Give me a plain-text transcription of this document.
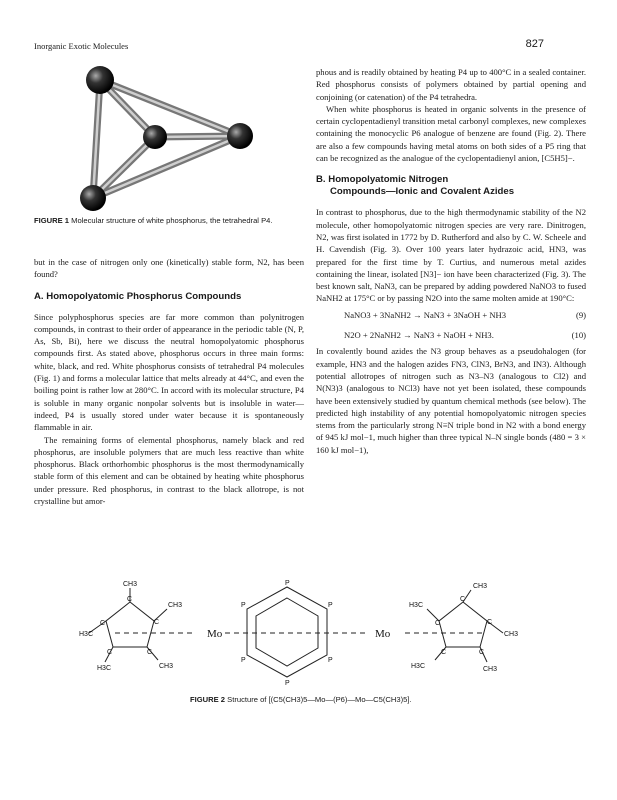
Inorganic Exotic Molecules	827
FIGURE 1 Molecular structure of white phosphorus, the tetrahedral P4.

but in the case of nitrogen only one (kinetically) stable form, N2, has been found?

A. Homopolyatomic Phosphorus Compounds

Since polyphosphorus species are far more common than polynitrogen compounds, in contrast to their order of appearance in the periodic table (N, P, As, Sb, Bi), here we discuss the neutral homopolyatomic phosphorus compounds first. As stated above, phosphorus occurs in three main forms: white, black, and red. White phosphorus consists of tetrahedral P4 molecules (Fig. 1) and forms a molecular lattice that melts already at 44°C, and even the boiling point is rather low at 280°C. In accord with its molecular structure, P4 is soluble in many organic nonpolar solvents but is insoluble in water—indeed, P4 is usually stored under water because it is spontaneously flammable in air.

The remaining forms of elemental phosphorus, namely black and red phosphorus, are insoluble polymers that are much less reactive than white phosphorus. Black orthorhombic phosphorus is the most thermodynamically stable form of this element and can be obtained by heating white phosphorus under pressure. Red phosphorus, in contrast to the black allotrope, is not crystalline but amor-

phous and is readily obtained by heating P4 up to 400°C in a sealed container. Red phosphorus consists of polymers obtained by partial opening and conjoining (or catenation) of the P4 tetrahedra.

When white phosphorus is heated in organic solvents in the presence of certain cyclopentadienyl transition metal carbonyl complexes, new complexes containing the monocyclic P6 analogue of benzene are found (Fig. 2). There are also a few compounds having metal atoms on both sides of a P5 ring that can be recognized as the analogue of the cyclopentadienyl anion, [C5H5]−.

B. Homopolyatomic Nitrogen
Compounds—Ionic and Covalent Azides

In contrast to phosphorus, due to the high thermodynamic stability of the N2 molecule, other homopolyatomic nitrogen species are very rare. Dinitrogen, N2, was first isolated in 1772 by D. Rutherford and also by C. W. Scheele and H. Cavendish (Fig. 3). Over 100 years later hydrazoic acid, HN3, was prepared for the first time by T. Curtius, and numerous metal azides containing the linear, isolated [N3]− ion have been characterized (Fig. 3). The best known salt, NaN3, can be prepared by adding powdered NaNO3 to fused NaNH2 at 175°C or by passing N2O into the same molten amide at 190°C:

NaNO3 + 3NaNH2 → NaN3 + 3NaOH + NH3	(9)
N2O + 2NaNH2 → NaN3 + NaOH + NH3.	(10)

In covalently bound azides the N3 group behaves as a pseudohalogen (for example, HN3 and the halogen azides FN3, ClN3, BrN3, and IN3). Although potential allotropes of nitrogen such as N3–N3 (analogous to Cl2) and N(N3)3 (analogous to NCl3) have not yet been isolated, these compounds have been extensively studied by quantum chemical methods (see below). The predicted high instability of any potential homopolyatomic nitrogen species stems from the particularly strong N≡N triple bond in N2 with a bond energy of 945 kJ mol−1, much higher than three typical N–N single bonds (480 = 3 × 160 kJ mol−1),

Mo	Mo
CH3
CH3
H3C
CH3
H3C
C
C
C
C
C
P
P
P
P
P
P
CH3
H3C
CH3
H3C	CH3
C
C
C
C
C
FIGURE 2 Structure of [(C5(CH3)5—Mo—(P6)—Mo—C5(CH3)5].
